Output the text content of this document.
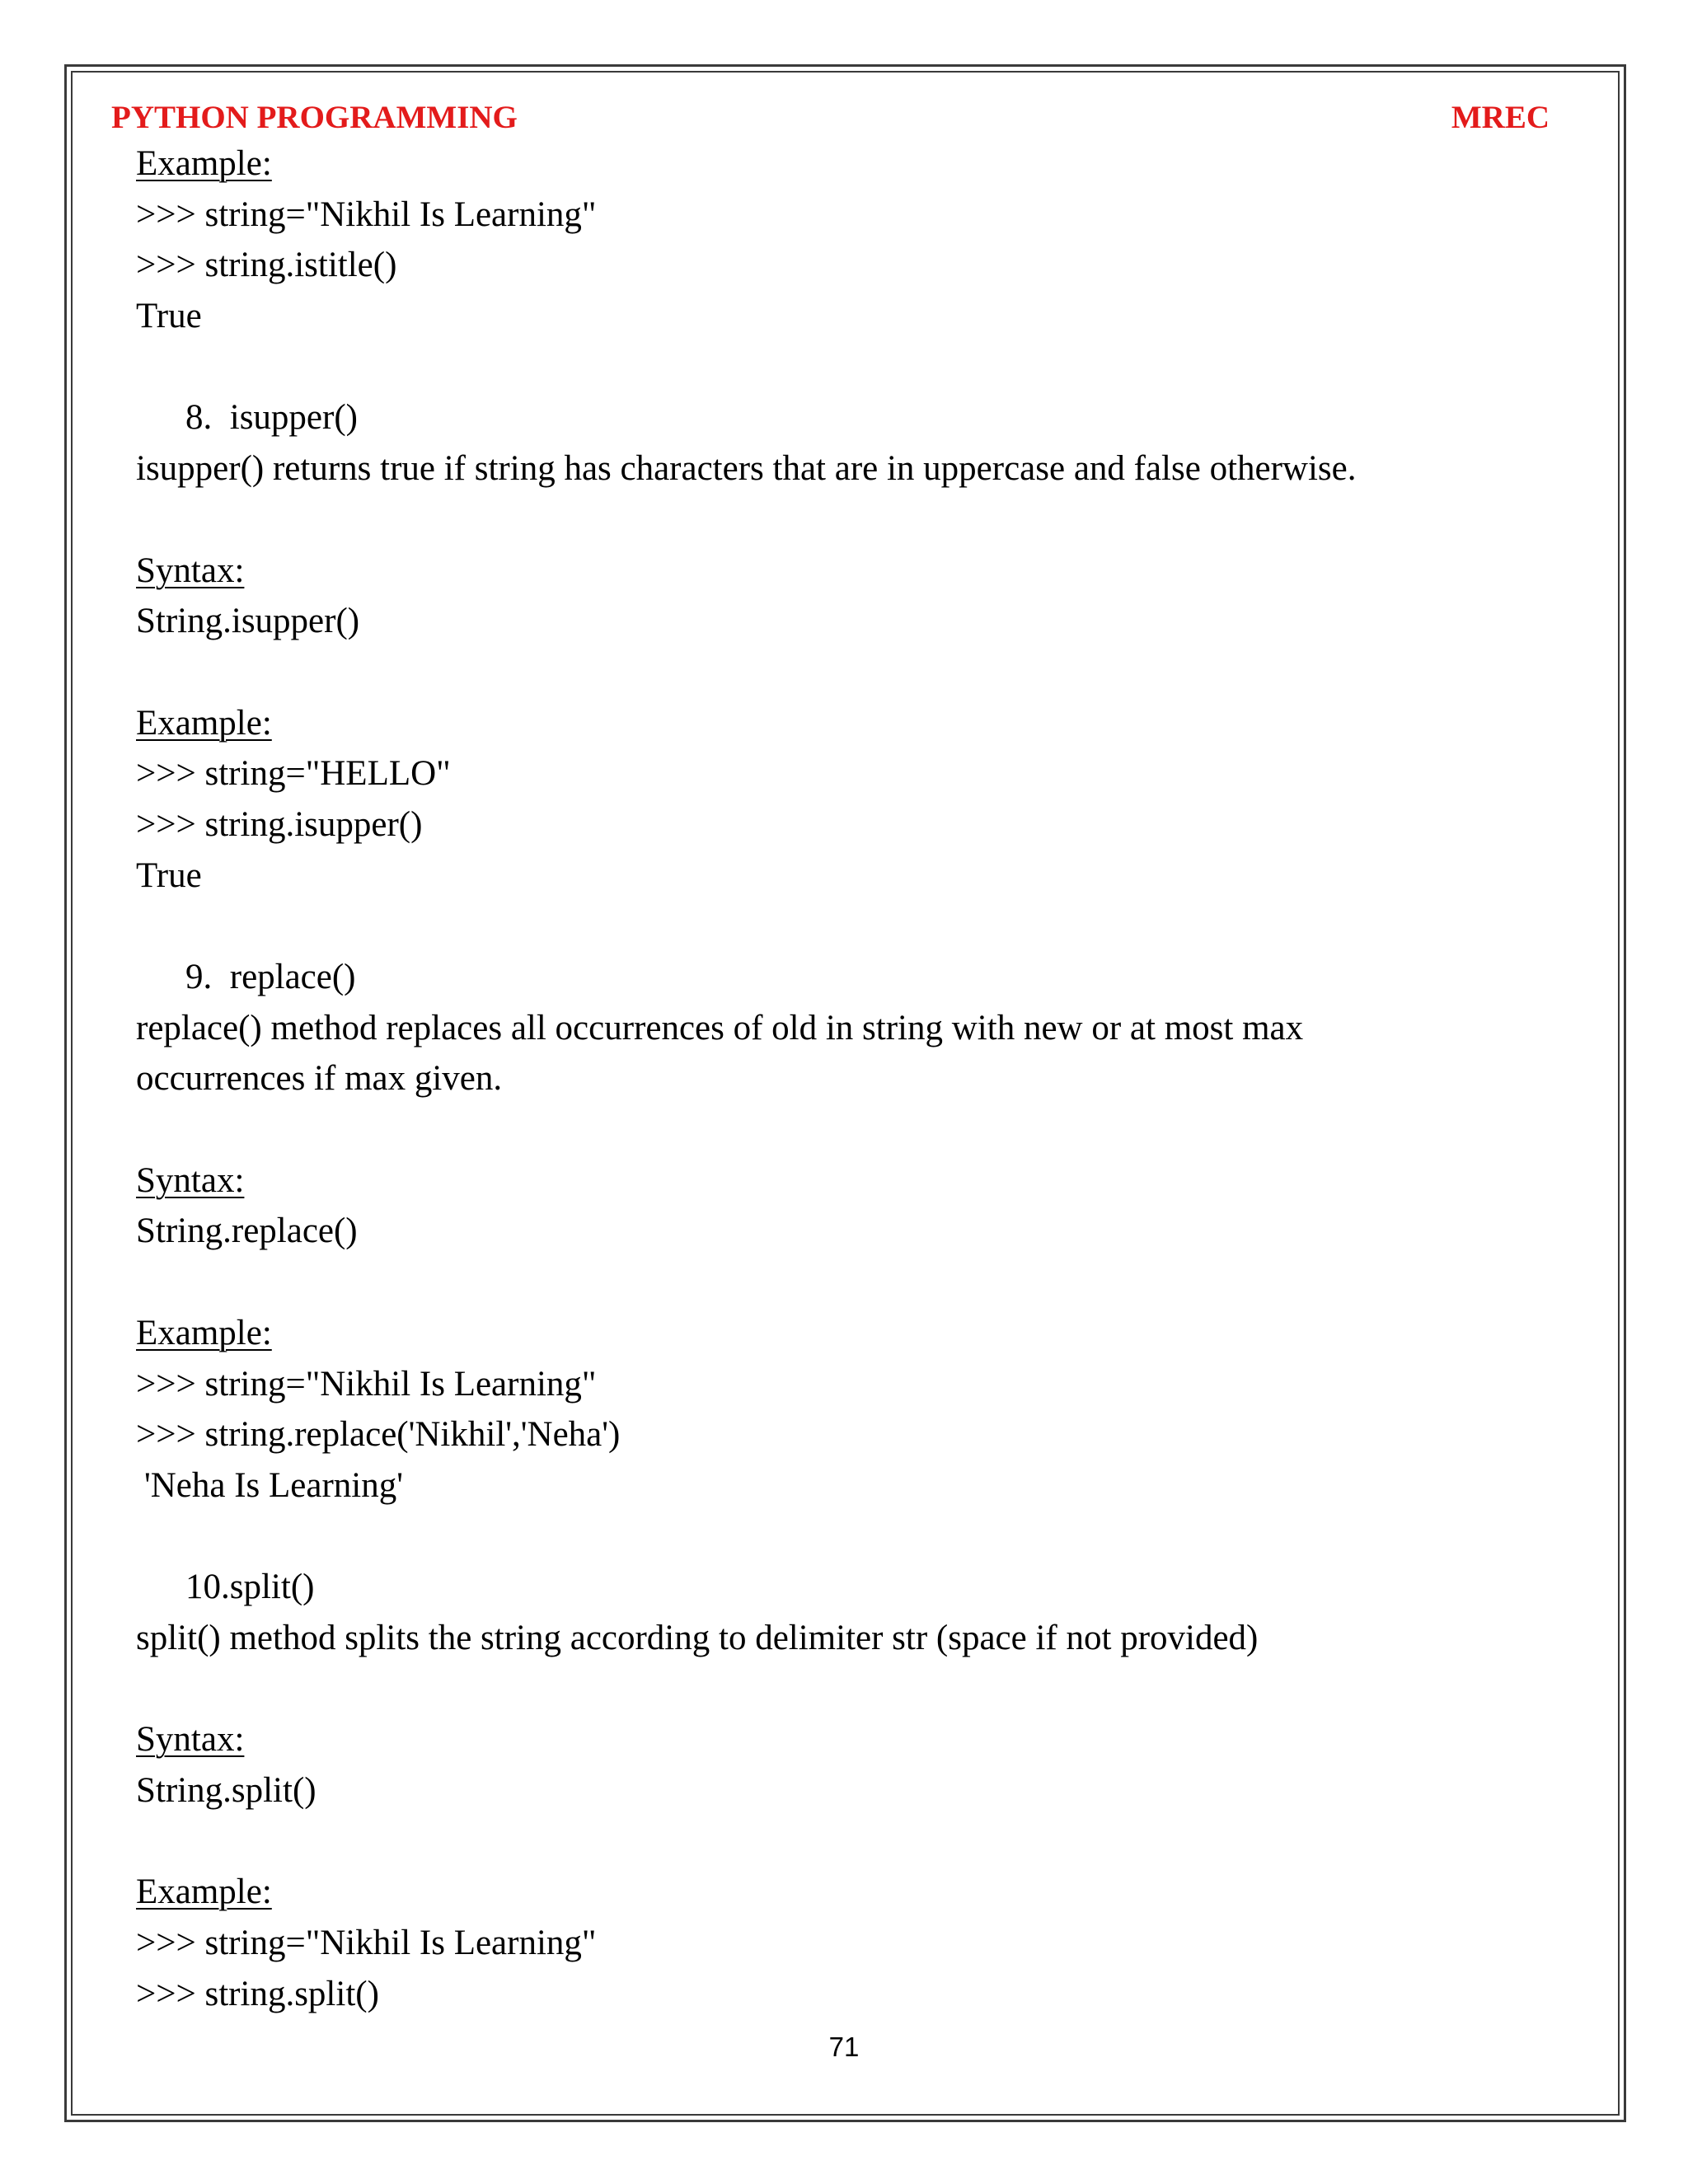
PYTHON PROGRAMMING	MREC
Example:
>>> string="Nikhil Is Learning"
>>> string.istitle()
True
8.  isupper()
isupper() returns true if string has characters that are in uppercase and false otherwise.
Syntax:
String.isupper()
Example:
>>> string="HELLO"
>>> string.isupper()
True
9.  replace()
replace() method replaces all occurrences of old in string with new or at most max
occurrences if max given.
Syntax:
String.replace()
Example:
>>> string="Nikhil Is Learning"
>>> string.replace('Nikhil','Neha')
'Neha Is Learning'
10.split()
split() method splits the string according to delimiter str (space if not provided)
Syntax:
String.split()
Example:
>>> string="Nikhil Is Learning"
>>> string.split()
71
